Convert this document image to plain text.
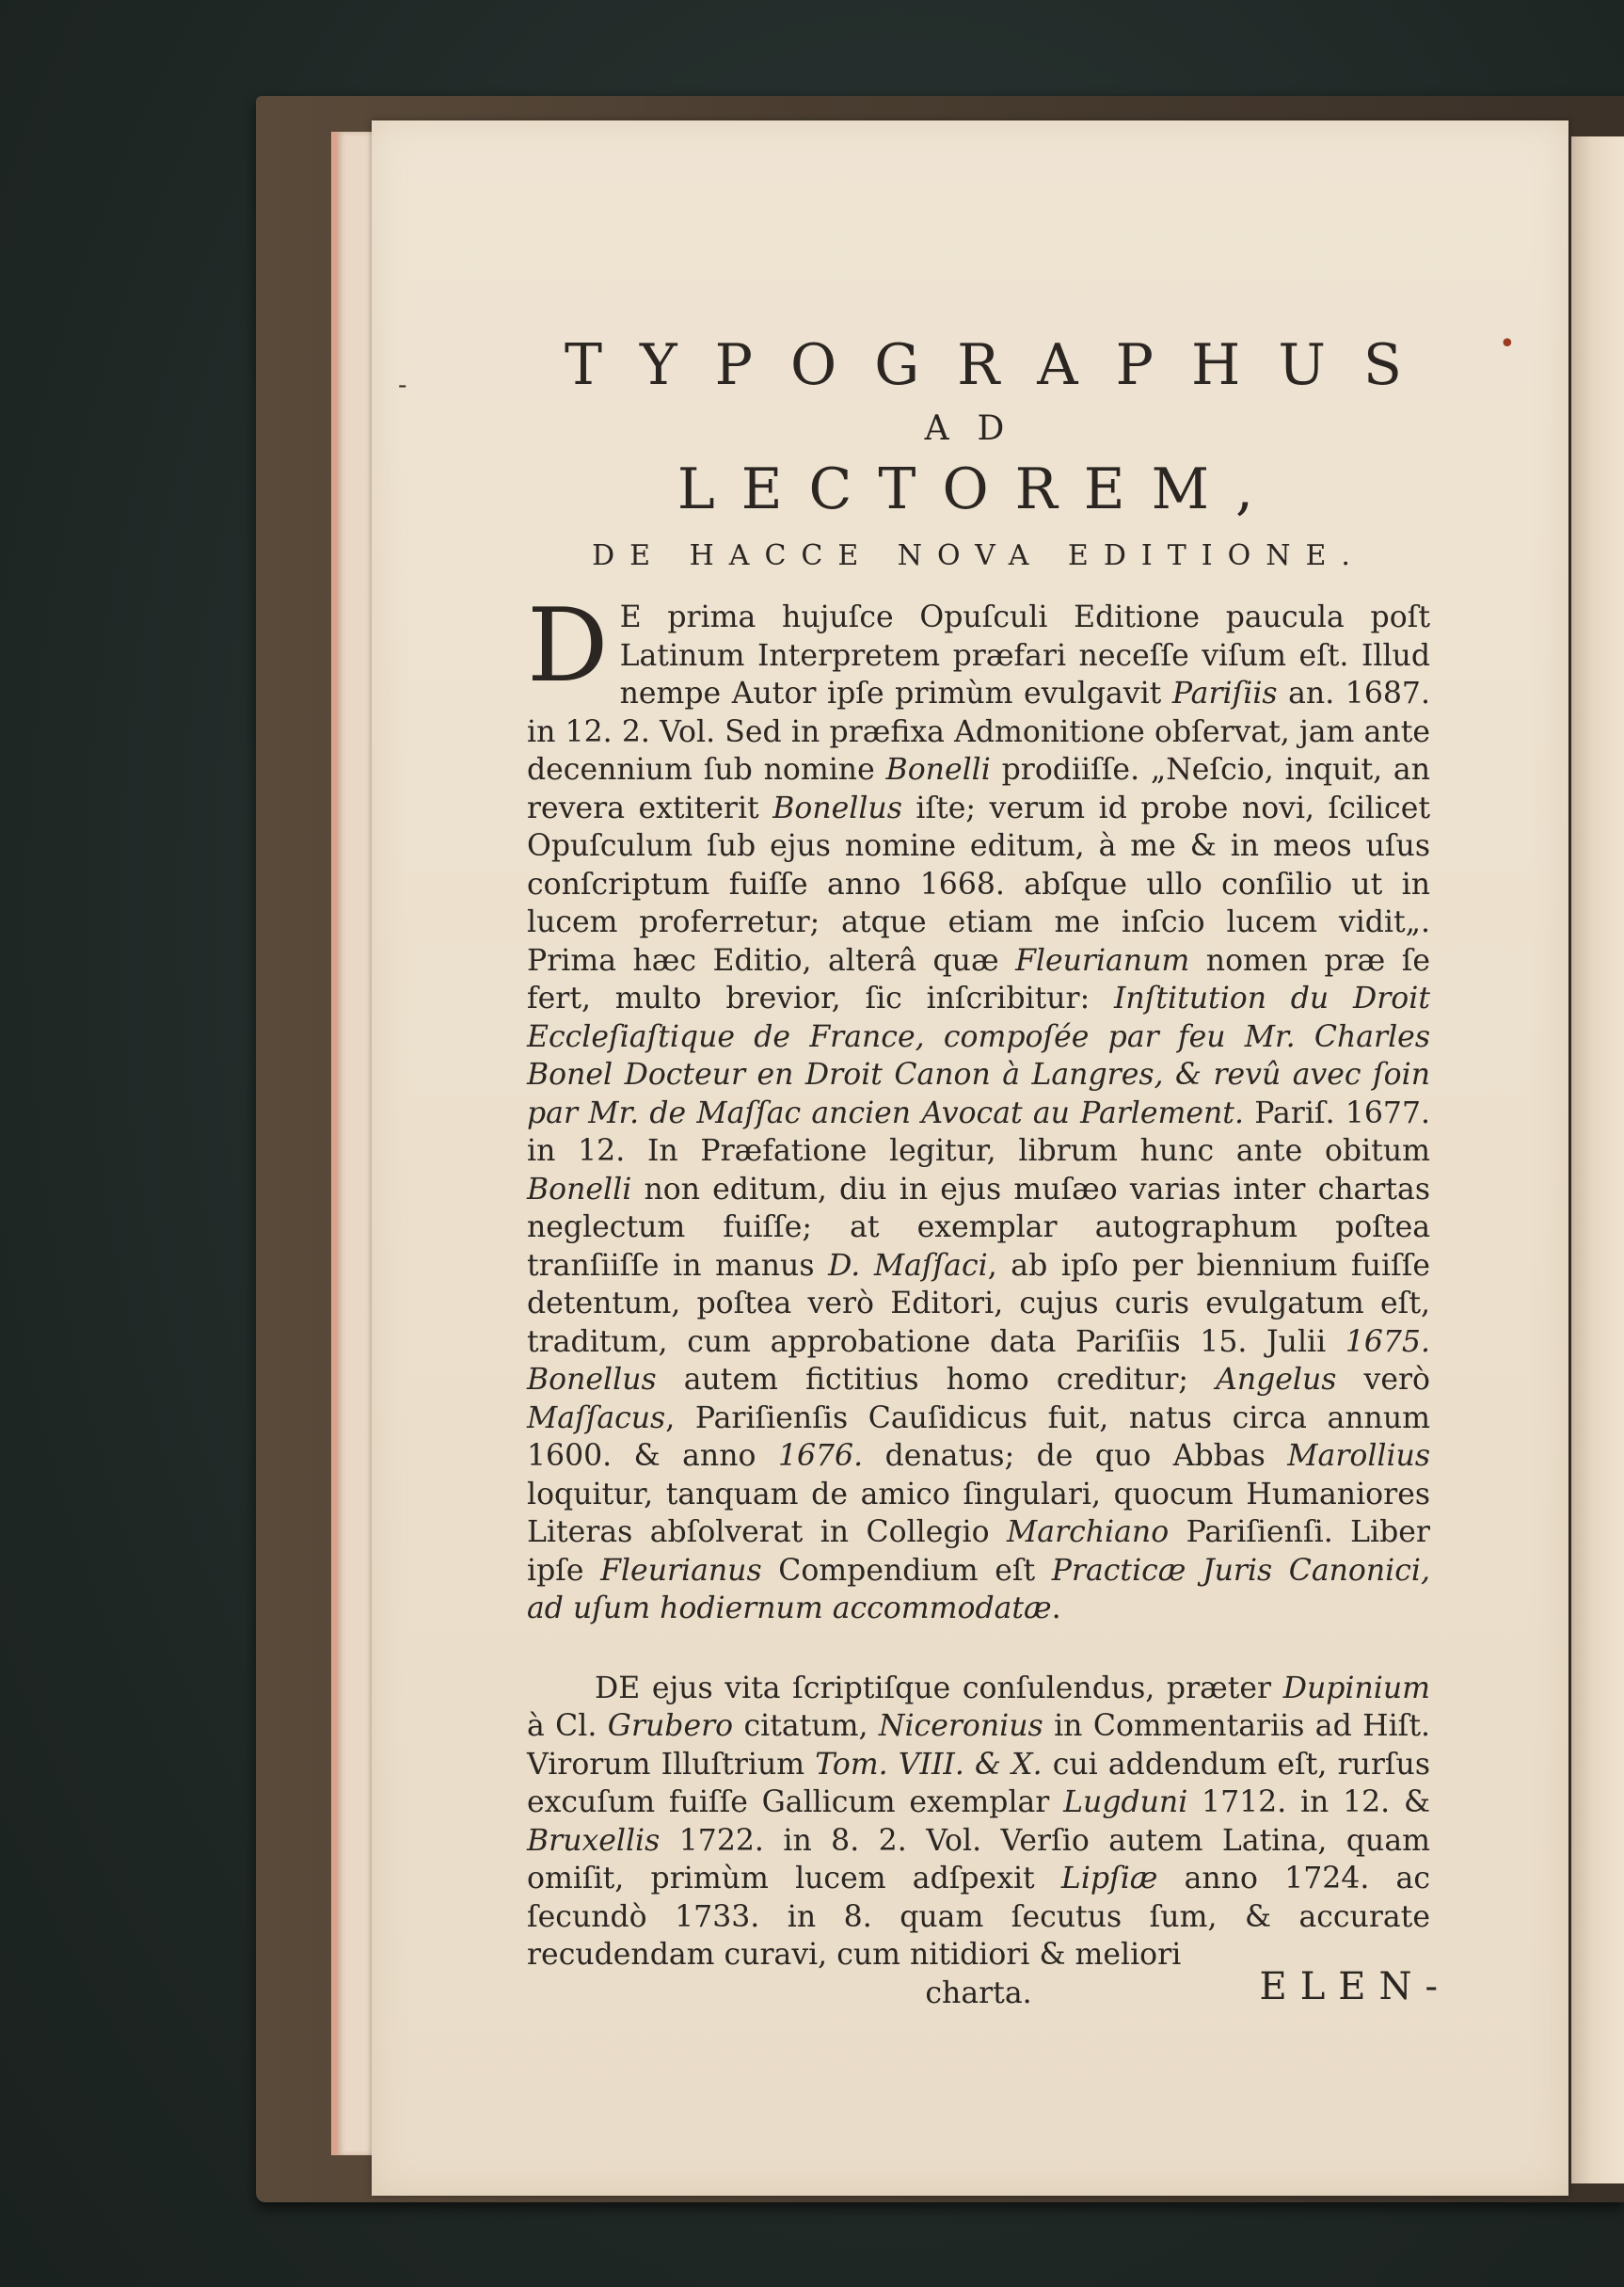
TYPOGRAPHUS
AD
LECTOREM,
DE HACCE NOVA EDITIONE.

D E prima hujuſce Opuſculi Editione paucula poſt Latinum Interpretem præfari neceſſe viſum eſt. Illud nempe Autor ipſe primùm evulgavit Pariſiis an. 1687. in 12. 2. Vol. Sed in præfixa Admonitione obſervat, jam ante decennium ſub nomine Bonelli prodiiſſe. „Neſcio, inquit, an revera extiterit Bonellus iſte; verum id probe novi, ſcilicet Opuſculum ſub ejus nomine editum, à me & in meos uſus conſcriptum fuiſſe anno 1668. abſque ullo conſilio ut in lucem proferretur; atque etiam me inſcio lucem vidit„. Prima hæc Editio, alterâ quæ Fleurianum nomen præ ſe fert, multo brevior, ſic inſcribitur: Inſtitution du Droit Eccleſiaſtique de France, compoſée par feu Mr. Charles Bonel Docteur en Droit Canon à Langres, & revû avec ſoin par Mr. de Maſſac ancien Avocat au Parlement. Pariſ. 1677. in 12. In Præfatione legitur, librum hunc ante obitum Bonelli non editum, diu in ejus muſæo varias inter chartas neglectum fuiſſe; at exemplar autographum poſtea tranſiiſſe in manus D. Maſſaci, ab ipſo per biennium fuiſſe detentum, poſtea verò Editori, cujus curis evulgatum eſt, traditum, cum approbatione data Pariſiis 15. Julii 1675. Bonellus autem fictitius homo creditur; Angelus verò Maſſacus, Pariſienſis Cauſidicus fuit, natus circa annum 1600. & anno 1676. denatus; de quo Abbas Marollius loquitur, tanquam de amico ſingulari, quocum Humaniores Literas abſolverat in Collegio Marchiano Pariſienſi. Liber ipſe Fleurianus Compendium eſt Practicæ Juris Canonici, ad uſum hodiernum accommodatæ.

DE ejus vita ſcriptiſque conſulendus, præter Dupinium à Cl. Grubero citatum, Niceronius in Commentariis ad Hiſt. Virorum Illuſtrium Tom. VIII. & X. cui addendum eſt, rurſus excuſum fuiſſe Gallicum exemplar Lugduni 1712. in 12. & Bruxellis 1722. in 8. 2. Vol. Verſio autem Latina, quam omiſit, primùm lucem adſpexit Lipſiæ anno 1724. ac ſecundò 1733. in 8. quam ſecutus ſum, & accurate recudendam curavi, cum nitidiori & meliori

charta.	ELEN-
-
•
